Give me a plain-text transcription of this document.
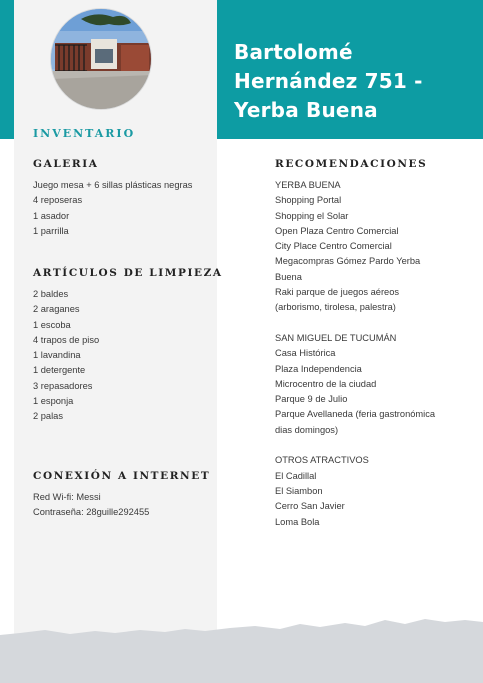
Bartolomé Hernández 751 - Yerba Buena
INVENTARIO
GALERIA
Juego mesa + 6 sillas plásticas negras
4 reposeras
1 asador
1 parrilla
ARTÍCULOS DE LIMPIEZA
2 baldes
2 araganes
1 escoba
4 trapos de piso
1 lavandina
1 detergente
3 repasadores
1 esponja
2 palas
CONEXIÓN A INTERNET
Red Wi-fi: Messi
Contraseña: 28guille292455
RECOMENDACIONES
YERBA BUENA
Shopping Portal
Shopping el Solar
Open Plaza Centro Comercial
City Place Centro Comercial
Megacompras Gómez Pardo Yerba
Buena
Raki parque de juegos aéreos
(arborismo, tirolesa, palestra)

SAN MIGUEL DE TUCUMÁN
Casa Histórica
Plaza Independencia
Microcentro de la ciudad
Parque 9 de Julio
Parque Avellaneda (feria gastronómica
dias domingos)

OTROS ATRACTIVOS
El Cadillal
El Siambon
Cerro San Javier
Loma Bola
